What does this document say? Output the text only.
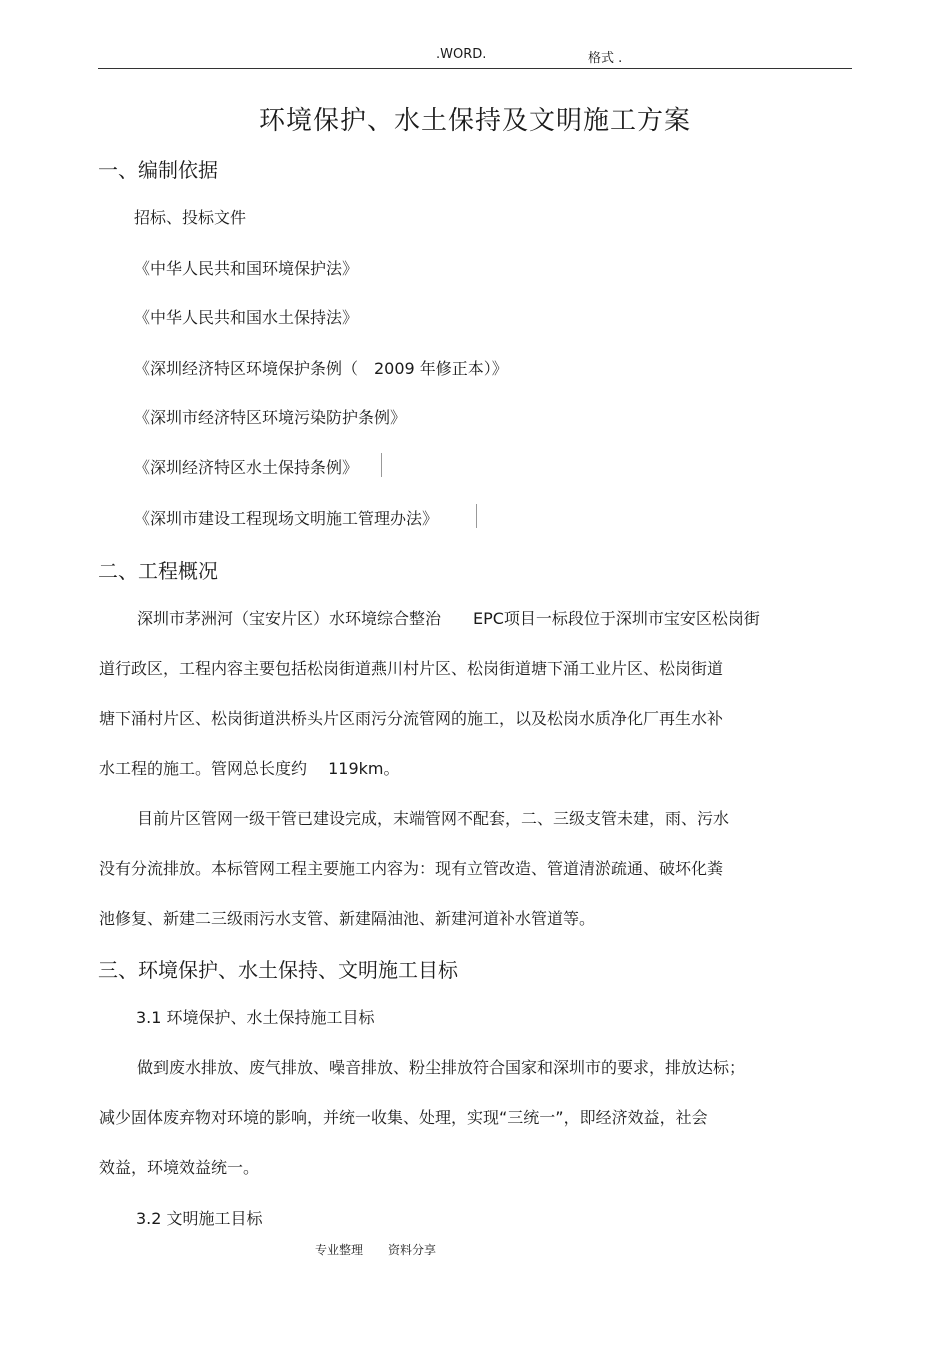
.WORD.	格式 .
环境保护、水土保持及文明施工方案
一、编制依据
招标、投标文件
《中华人民共和国环境保护法》
《中华人民共和国水土保持法》
《深圳经济特区环境保护条例（　2009 年修正本）》
《深圳市经济特区环境污染防护条例》
《深圳经济特区水土保持条例》
《深圳市建设工程现场文明施工管理办法》
二、工程概况
深圳市茅洲河（宝安片区）水环境综合整治　　EPC项目一标段位于深圳市宝安区松岗街
道行政区，工程内容主要包括松岗街道燕川村片区、松岗街道塘下涌工业片区、松岗街道
塘下涌村片区、松岗街道洪桥头片区雨污分流管网的施工，以及松岗水质净化厂再生水补
水工程的施工。管网总长度约　 119km。
目前片区管网一级干管已建设完成，末端管网不配套，二、三级支管未建，雨、污水
没有分流排放。本标管网工程主要施工内容为：现有立管改造、管道清淤疏通、破坏化粪
池修复、新建二三级雨污水支管、新建隔油池、新建河道补水管道等。
三、环境保护、水土保持、文明施工目标
3.1 环境保护、水土保持施工目标
做到废水排放、废气排放、噪音排放、粉尘排放符合国家和深圳市的要求，排放达标；
减少固体废弃物对环境的影响，并统一收集、处理，实现“三统一”，即经济效益，社会
效益，环境效益统一。
3.2 文明施工目标
专业整理 资料分享
